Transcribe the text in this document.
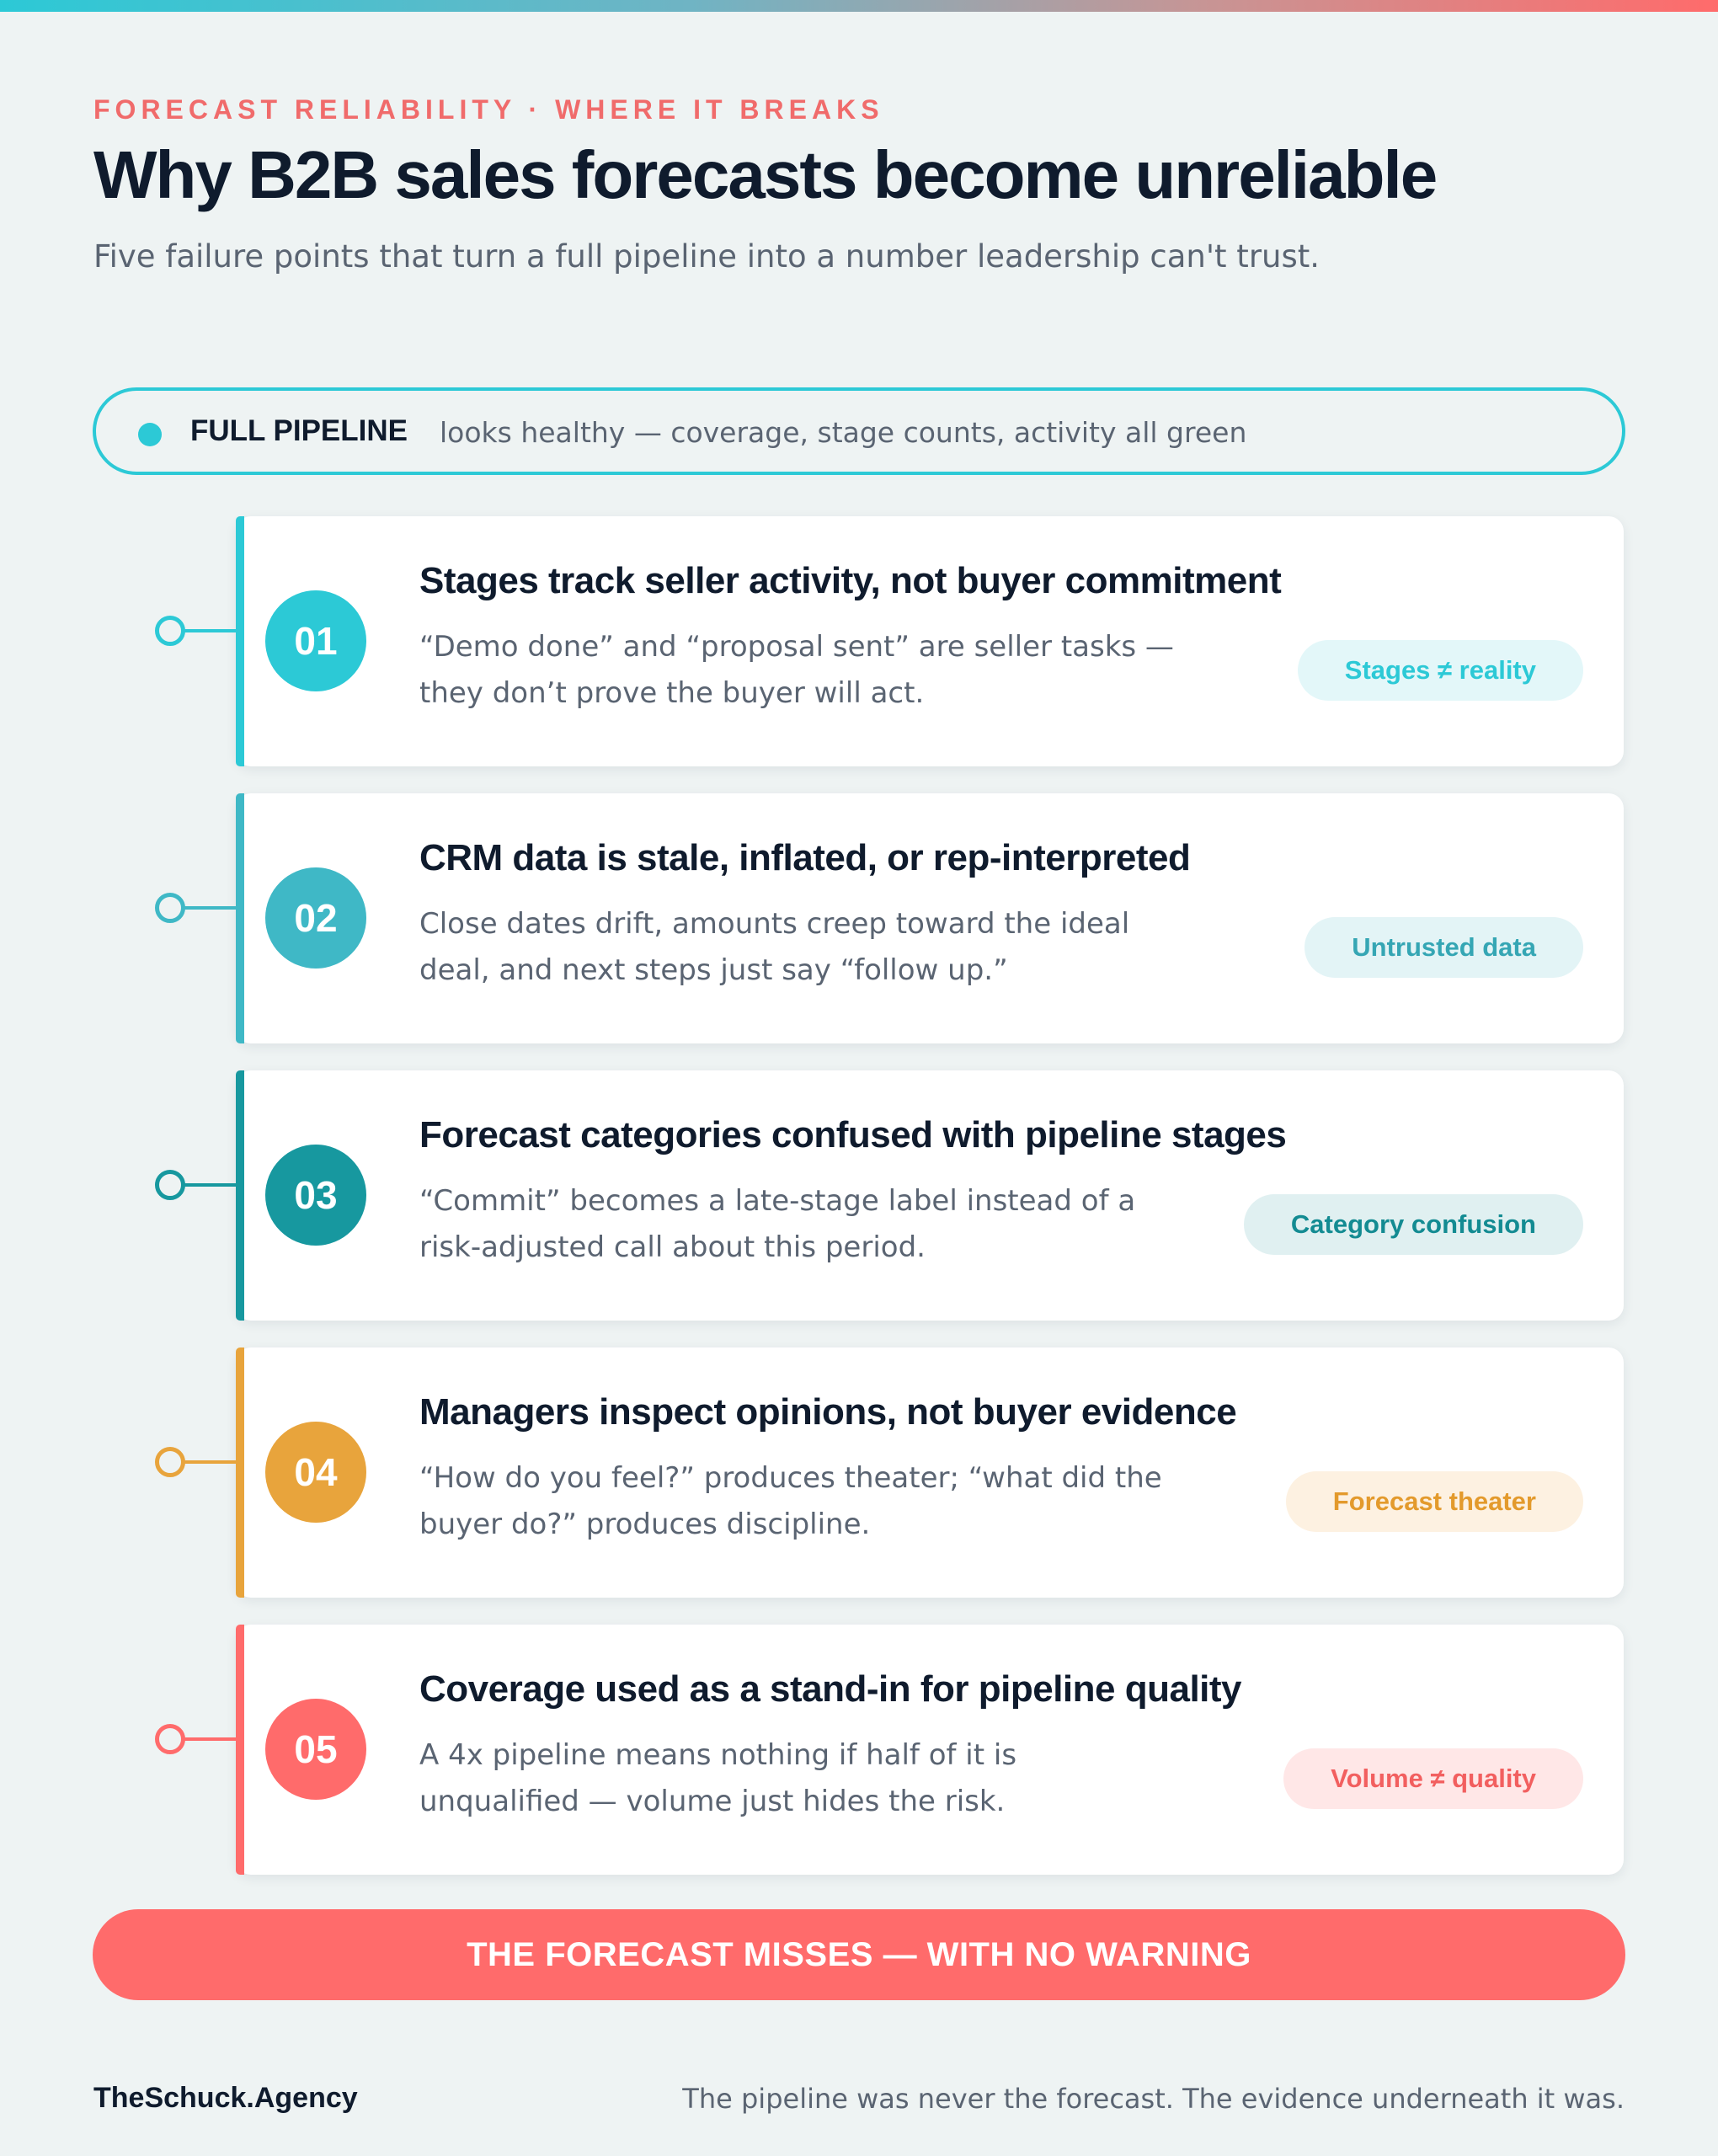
FORECAST RELIABILITY · WHERE IT BREAKS
Why B2B sales forecasts become unreliable
Five failure points that turn a full pipeline into a number leadership can't trust.
FULL PIPELINE looks healthy — coverage, stage counts, activity all green
01
Stages track seller activity, not buyer commitment
“Demo done” and “proposal sent” are seller tasks — they don’t prove the buyer will act.
Stages ≠ reality
02
CRM data is stale, inflated, or rep-interpreted
Close dates drift, amounts creep toward the ideal deal, and next steps just say “follow up.”
Untrusted data
03
Forecast categories confused with pipeline stages
“Commit” becomes a late-stage label instead of a risk-adjusted call about this period.
Category confusion
04
Managers inspect opinions, not buyer evidence
“How do you feel?” produces theater; “what did the buyer do?” produces discipline.
Forecast theater
05
Coverage used as a stand-in for pipeline quality
A 4x pipeline means nothing if half of it is unqualified — volume just hides the risk.
Volume ≠ quality
THE FORECAST MISSES — WITH NO WARNING
TheSchuck.Agency	The pipeline was never the forecast. The evidence underneath it was.
